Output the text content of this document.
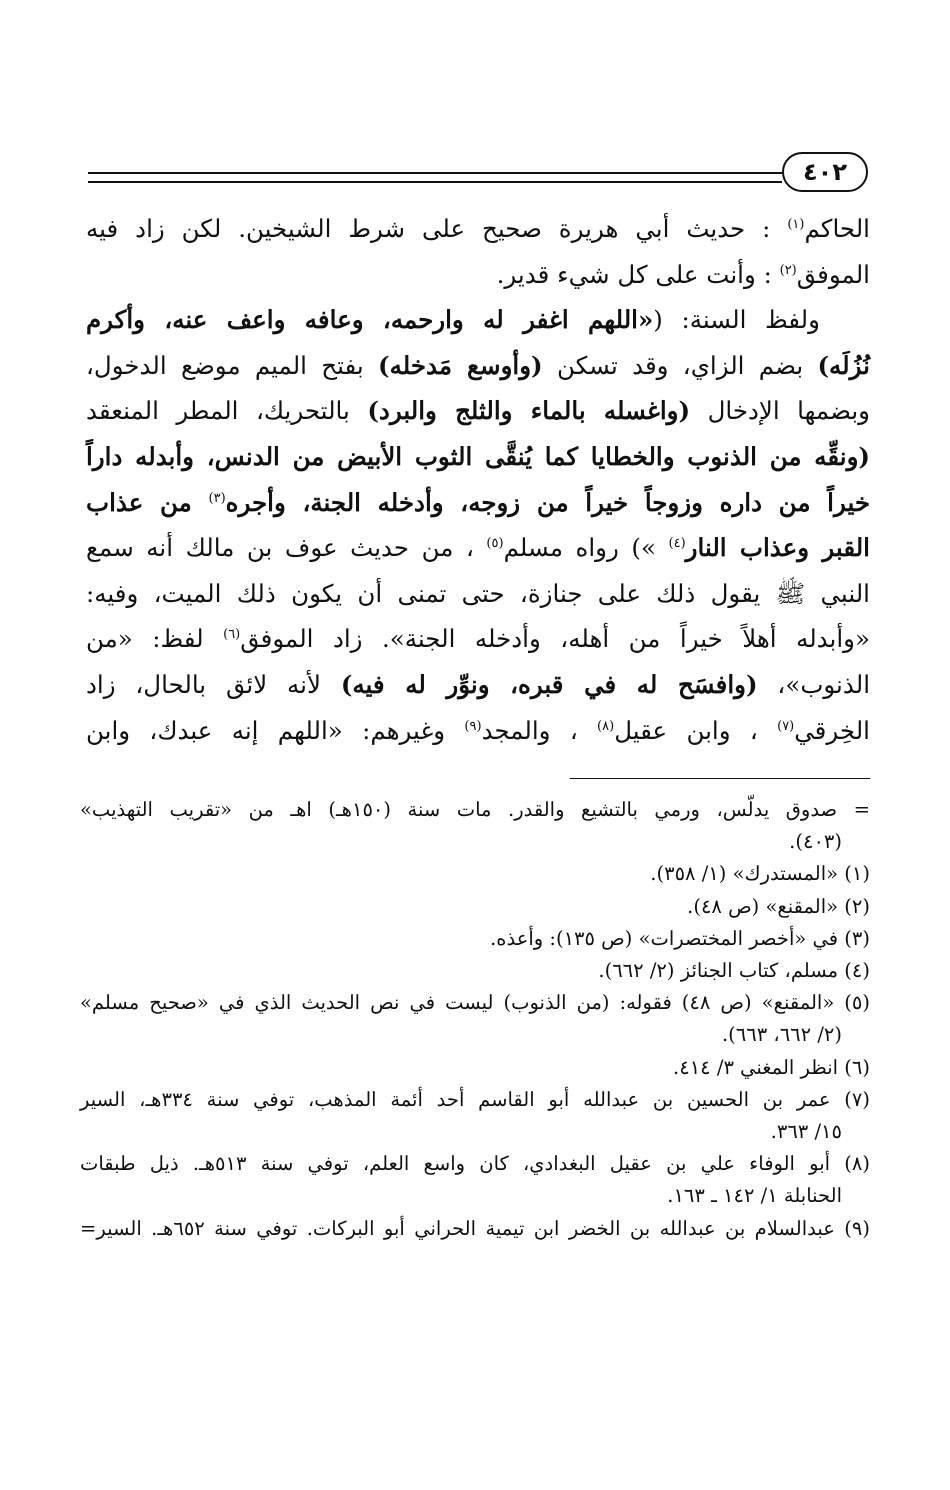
٤٠٢

الحاكم$^{(١)}$ : حديث أبي هريرة صحيح على شرط الشيخين. لكن زاد فيه

الموفق$^{(٢)}$ : وأنت على كل شيء قدير.

ولفظ السنة: («اللهم اغفر له وارحمه، وعافه واعف عنه، وأكرم

نُزُلَه) بضم الزاي، وقد تسكن (وأوسع مَدخله) بفتح الميم موضع الدخول،

وبضمها الإدخال (واغسله بالماء والثلج والبرد) بالتحريك، المطر المنعقد

(ونقِّه من الذنوب والخطايا كما يُنقَّى الثوب الأبيض من الدنس، وأبدله داراً

خيراً من داره وزوجاً خيراً من زوجه، وأدخله الجنة، وأجره$^{(٣)}$ من عذاب

القبر وعذاب النار$^{(٤)}$ ») رواه مسلم$^{(٥)}$ ، من حديث عوف بن مالك أنه سمع

النبي ﷺ يقول ذلك على جنازة، حتى تمنى أن يكون ذلك الميت، وفيه:

«وأبدله أهلاً خيراً من أهله، وأدخله الجنة». زاد الموفق$^{(٦)}$ لفظ: «من

الذنوب»، (وافسَح له في قبره، ونوِّر له فيه) لأنه لائق بالحال، زاد

الخِرقي$^{(٧)}$ ، وابن عقيل$^{(٨)}$ ، والمجد$^{(٩)}$ وغيرهم: «اللهم إنه عبدك، وابن

= صدوق يدلّس، ورمي بالتشيع والقدر. مات سنة (١٥٠هـ) اهـ من «تقريب التهذيب»

(٤٠٣).

(١) «المستدرك» (١/ ٣٥٨).

(٢) «المقنع» (ص ٤٨).

(٣) في «أخصر المختصرات» (ص ١٣٥): وأعذه.

(٤) مسلم، كتاب الجنائز (٢/ ٦٦٢).

(٥) «المقنع» (ص ٤٨) فقوله: (من الذنوب) ليست في نص الحديث الذي في «صحيح مسلم»

(٢/ ٦٦٢، ٦٦٣).

(٦) انظر المغني ٣/ ٤١٤.

(٧) عمر بن الحسين بن عبدالله أبو القاسم أحد أئمة المذهب، توفي سنة ٣٣٤هـ، السير

١٥/ ٣٦٣.

(٨) أبو الوفاء علي بن عقيل البغدادي، كان واسع العلم، توفي سنة ٥١٣هـ. ذيل طبقات

الحنابلة ١/ ١٤٢ ـ ١٦٣.

(٩) عبدالسلام بن عبدالله بن الخضر ابن تيمية الحراني أبو البركات. توفي سنة ٦٥٢هـ. السير=
